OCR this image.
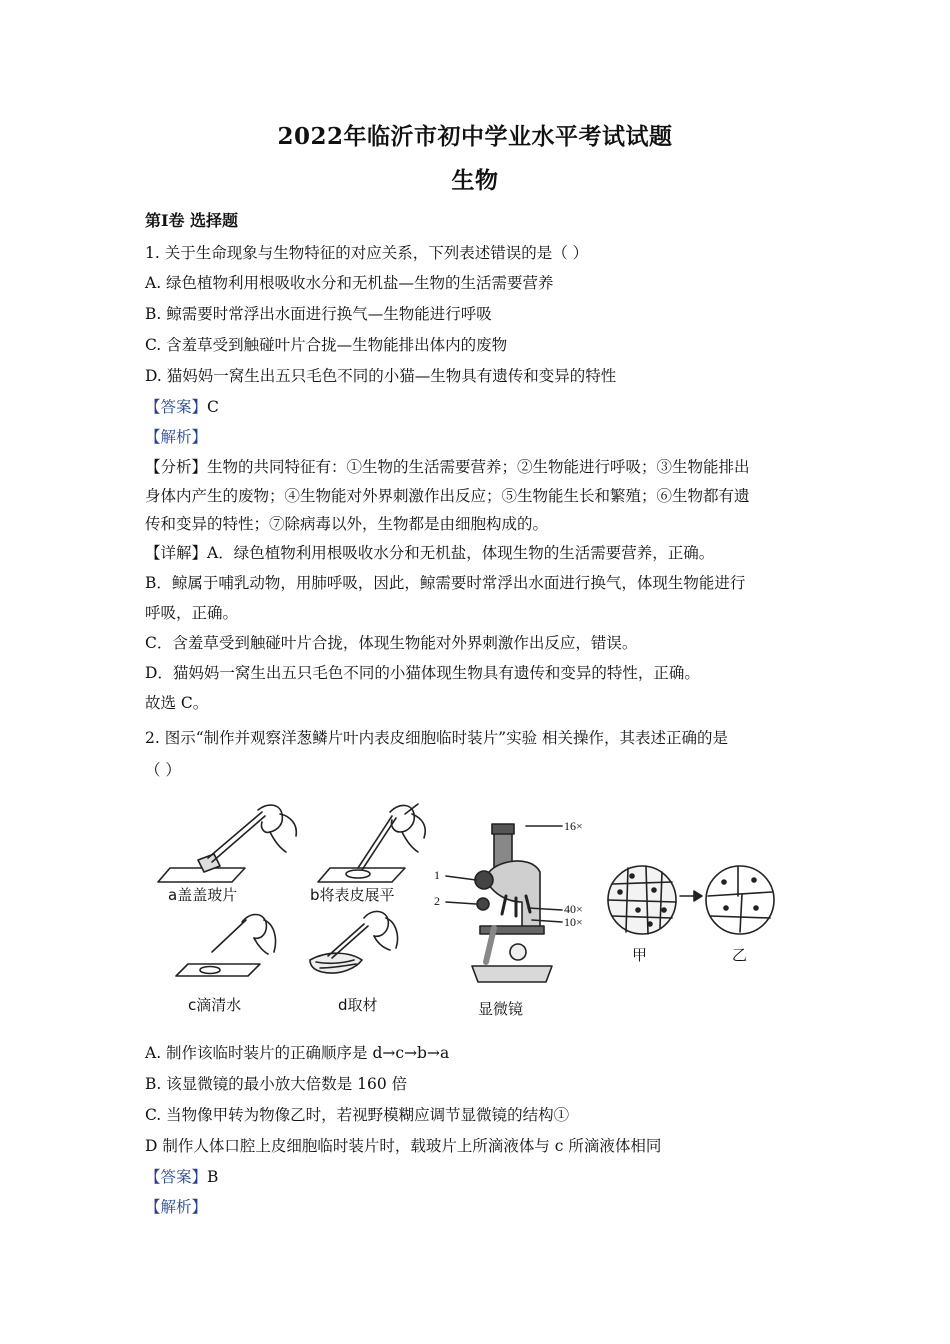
2022年临沂市初中学业水平考试试题
生物
第Ⅰ卷 选择题
1. 关于生命现象与生物特征的对应关系，下列表述错误的是（ ）
A. 绿色植物利用根吸收水分和无机盐—生物的生活需要营养
B. 鲸需要时常浮出水面进行换气—生物能进行呼吸
C. 含羞草受到触碰叶片合拢—生物能排出体内的废物
D. 猫妈妈一窝生出五只毛色不同的小猫—生物具有遗传和变异的特性
【答案】C
【解析】
【分析】生物的共同特征有：①生物的生活需要营养；②生物能进行呼吸；③生物能排出
身体内产生的废物；④生物能对外界刺激作出反应；⑤生物能生长和繁殖；⑥生物都有遗
传和变异的特性；⑦除病毒以外，生物都是由细胞构成的。
【详解】A．绿色植物利用根吸收水分和无机盐，体现生物的生活需要营养，正确。
B．鲸属于哺乳动物，用肺呼吸，因此，鲸需要时常浮出水面进行换气，体现生物能进行
呼吸，正确。
C．含羞草受到触碰叶片合拢，体现生物能对外界刺激作出反应，错误。
D．猫妈妈一窝生出五只毛色不同的小猫体现生物具有遗传和变异的特性，正确。
故选 C。
2. 图示“制作并观察洋葱鳞片叶内表皮细胞临时装片”实验 相关操作，其表述正确的是
（ ）
a盖盖玻片	b将表皮展平
c滴清水	d取材	显微镜
1
2
16×
40×
10×
甲	乙
A. 制作该临时装片的正确顺序是 d→c→b→a
B. 该显微镜的最小放大倍数是 160 倍
C. 当物像甲转为物像乙时，若视野模糊应调节显微镜的结构①
D 制作人体口腔上皮细胞临时装片时，载玻片上所滴液体与 c 所滴液体相同
【答案】B
【解析】
